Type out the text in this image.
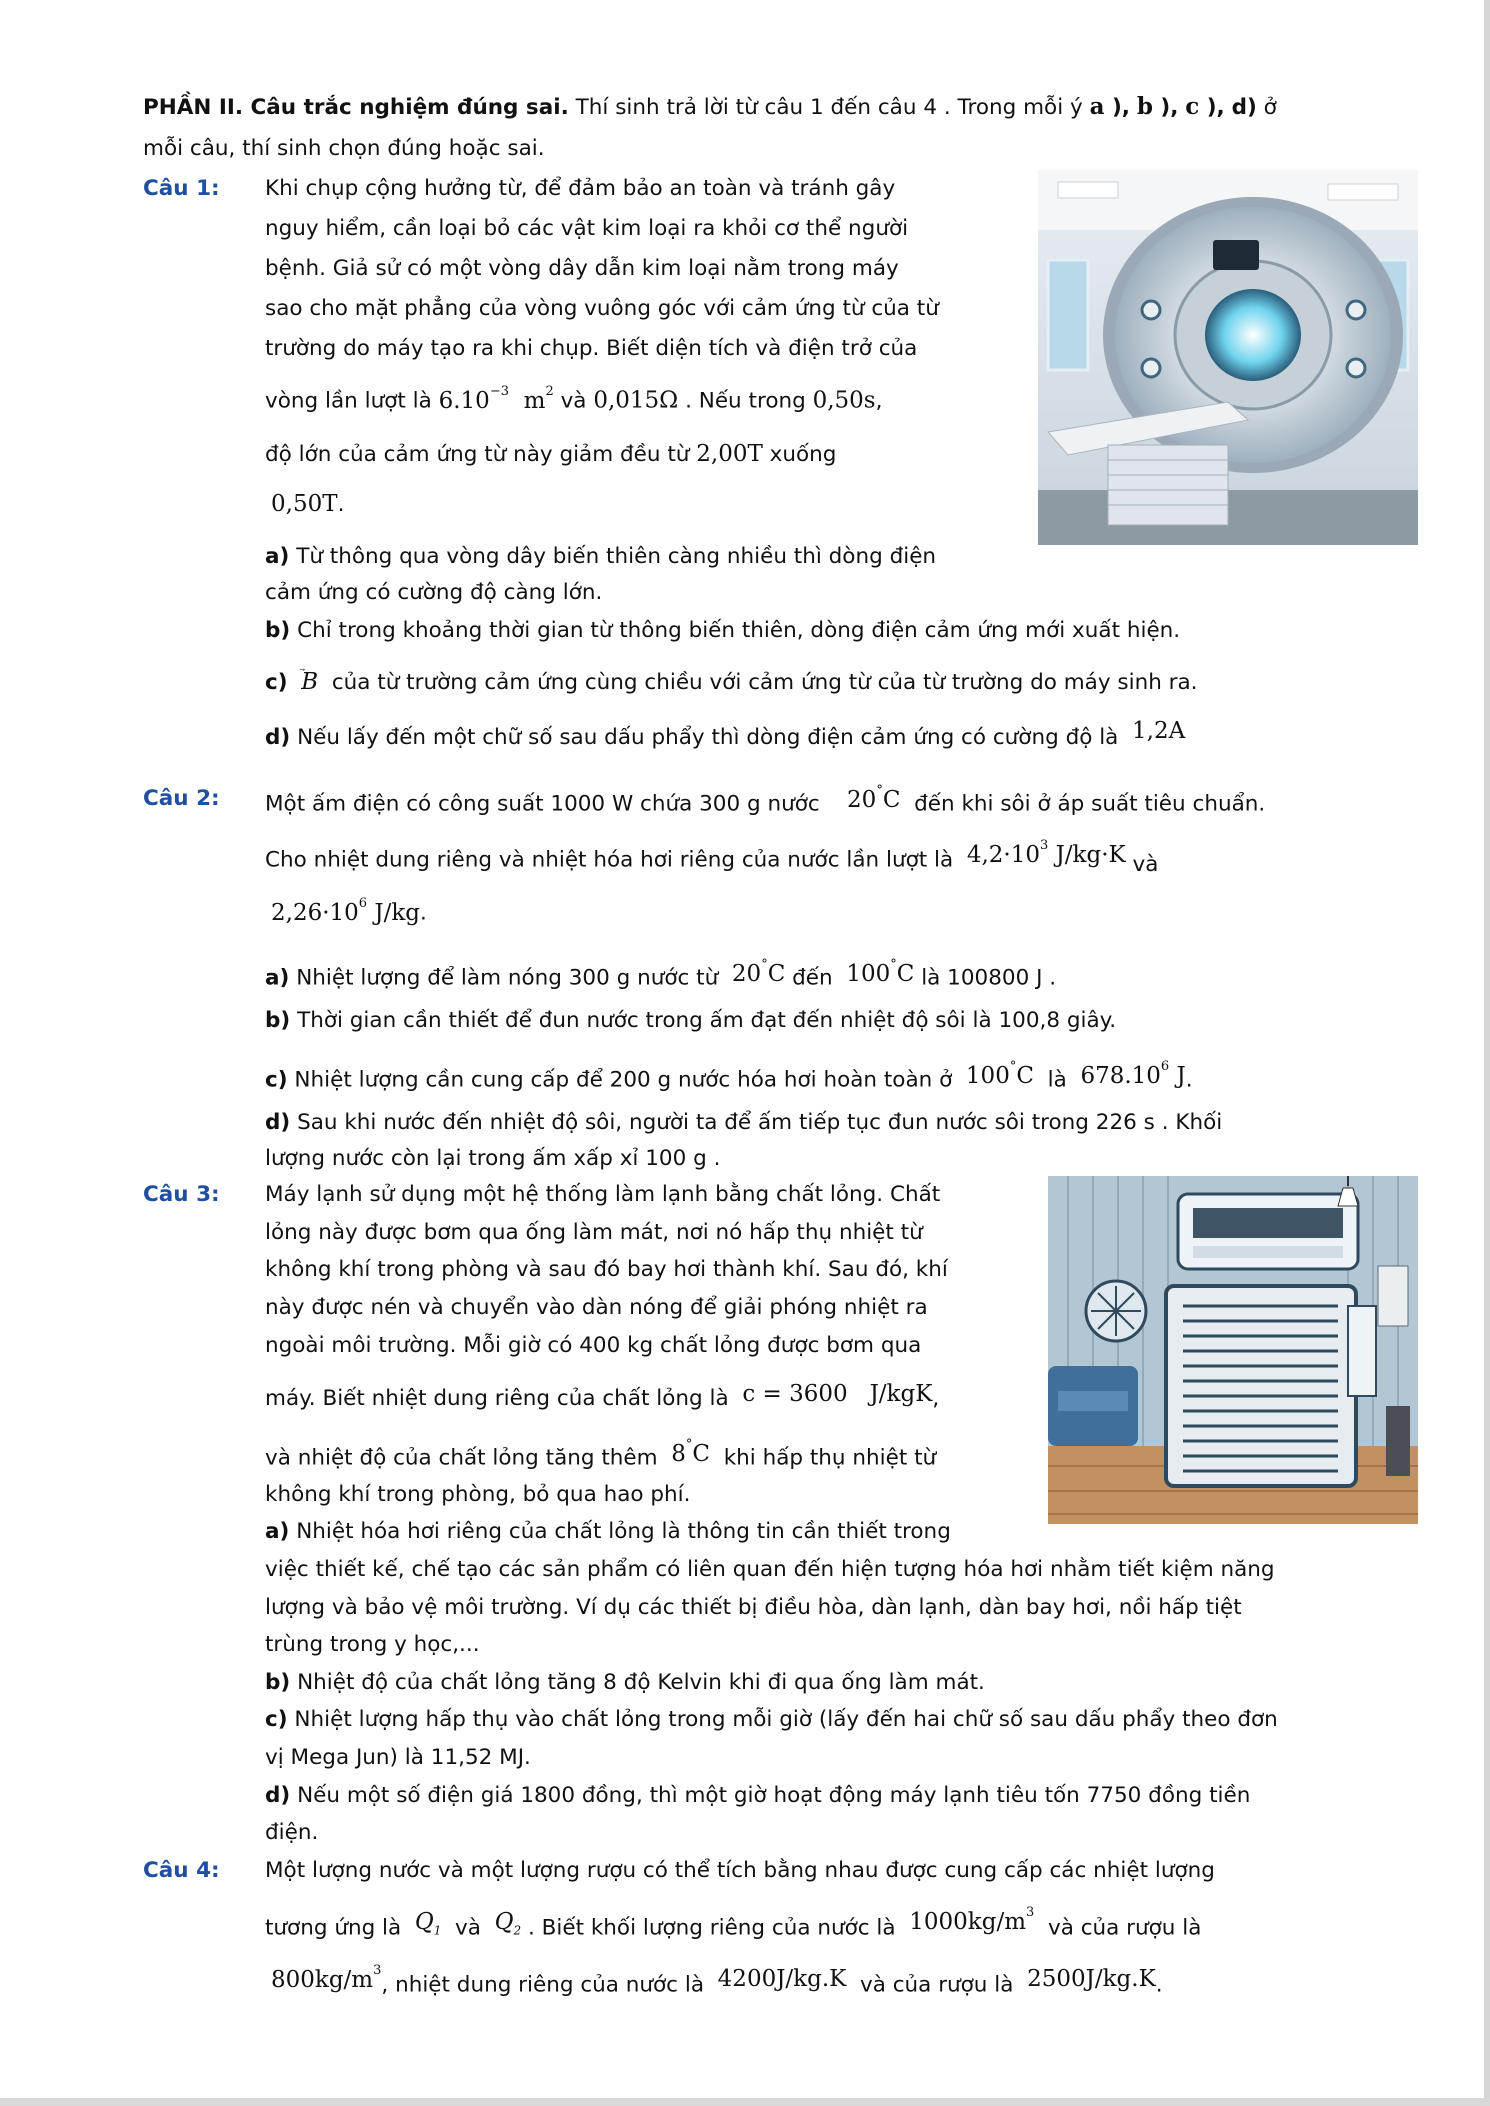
PHẦN II. Câu trắc nghiệm đúng sai. Thí sinh trả lời từ câu 1 đến câu 4 . Trong mỗi ý a ), b ), c ), d) ở
mỗi câu, thí sinh chọn đúng hoặc sai.
Câu 1: Khi chụp cộng hưởng từ, để đảm bảo an toàn và tránh gây
nguy hiểm, cần loại bỏ các vật kim loại ra khỏi cơ thể người
bệnh. Giả sử có một vòng dây dẫn kim loại nằm trong máy
sao cho mặt phẳng của vòng vuông góc với cảm ứng từ của từ
trường do máy tạo ra khi chụp. Biết diện tích và điện trở của
vòng lần lượt là $6.10^{-3}$ $m^2$ và 0,015Ω . Nếu trong 0,50s,
độ lớn của cảm ứng từ này giảm đều từ 2,00T xuống
0,50T.
a) Từ thông qua vòng dây biến thiên càng nhiều thì dòng điện
cảm ứng có cường độ càng lớn.
b) Chỉ trong khoảng thời gian từ thông biến thiên, dòng điện cảm ứng mới xuất hiện.
c) B của từ trường cảm ứng cùng chiều với cảm ứng từ của từ trường do máy sinh ra.
d) Nếu lấy đến một chữ số sau dấu phẩy thì dòng điện cảm ứng có cường độ là 1,2A
Câu 2: Một ấm điện có công suất 1000 W chứa 300 g nước 20°C đến khi sôi ở áp suất tiêu chuẩn.
Cho nhiệt dung riêng và nhiệt hóa hơi riêng của nước lần lượt là $4,2\cdot 10^3$ J/kg·K và
$2,26\cdot 10^6$ J/kg.
a) Nhiệt lượng để làm nóng 300 g nước từ 20°C đến 100°C là 100800 J .
b) Thời gian cần thiết để đun nước trong ấm đạt đến nhiệt độ sôi là 100,8 giây.
c) Nhiệt lượng cần cung cấp để 200 g nước hóa hơi hoàn toàn ở 100°C là 678.10$^6$ J.
d) Sau khi nước đến nhiệt độ sôi, người ta để ấm tiếp tục đun nước sôi trong 226 s . Khối
lượng nước còn lại trong ấm xấp xỉ 100 g .
Câu 3: Máy lạnh sử dụng một hệ thống làm lạnh bằng chất lỏng. Chất
lỏng này được bơm qua ống làm mát, nơi nó hấp thụ nhiệt từ
không khí trong phòng và sau đó bay hơi thành khí. Sau đó, khí
này được nén và chuyển vào dàn nóng để giải phóng nhiệt ra
ngoài môi trường. Mỗi giờ có 400 kg chất lỏng được bơm qua
máy. Biết nhiệt dung riêng của chất lỏng là c = 3600 J/kgK,
và nhiệt độ của chất lỏng tăng thêm 8°C khi hấp thụ nhiệt từ
không khí trong phòng, bỏ qua hao phí.
a) Nhiệt hóa hơi riêng của chất lỏng là thông tin cần thiết trong
việc thiết kế, chế tạo các sản phẩm có liên quan đến hiện tượng hóa hơi nhằm tiết kiệm năng
lượng và bảo vệ môi trường. Ví dụ các thiết bị điều hòa, dàn lạnh, dàn bay hơi, nồi hấp tiệt
trùng trong y học,...
b) Nhiệt độ của chất lỏng tăng 8 độ Kelvin khi đi qua ống làm mát.
c) Nhiệt lượng hấp thụ vào chất lỏng trong mỗi giờ (lấy đến hai chữ số sau dấu phẩy theo đơn
vị Mega Jun) là 11,52 MJ.
d) Nếu một số điện giá 1800 đồng, thì một giờ hoạt động máy lạnh tiêu tốn 7750 đồng tiền
điện.
Câu 4: Một lượng nước và một lượng rượu có thể tích bằng nhau được cung cấp các nhiệt lượng
tương ứng là $Q_1$ và $Q_2$ . Biết khối lượng riêng của nước là $1000kg/m^3$  và của rượu là
$800kg/m^3$, nhiệt dung riêng của nước là 4200J/kg.K và của rượu là 2500J/kg.K.
